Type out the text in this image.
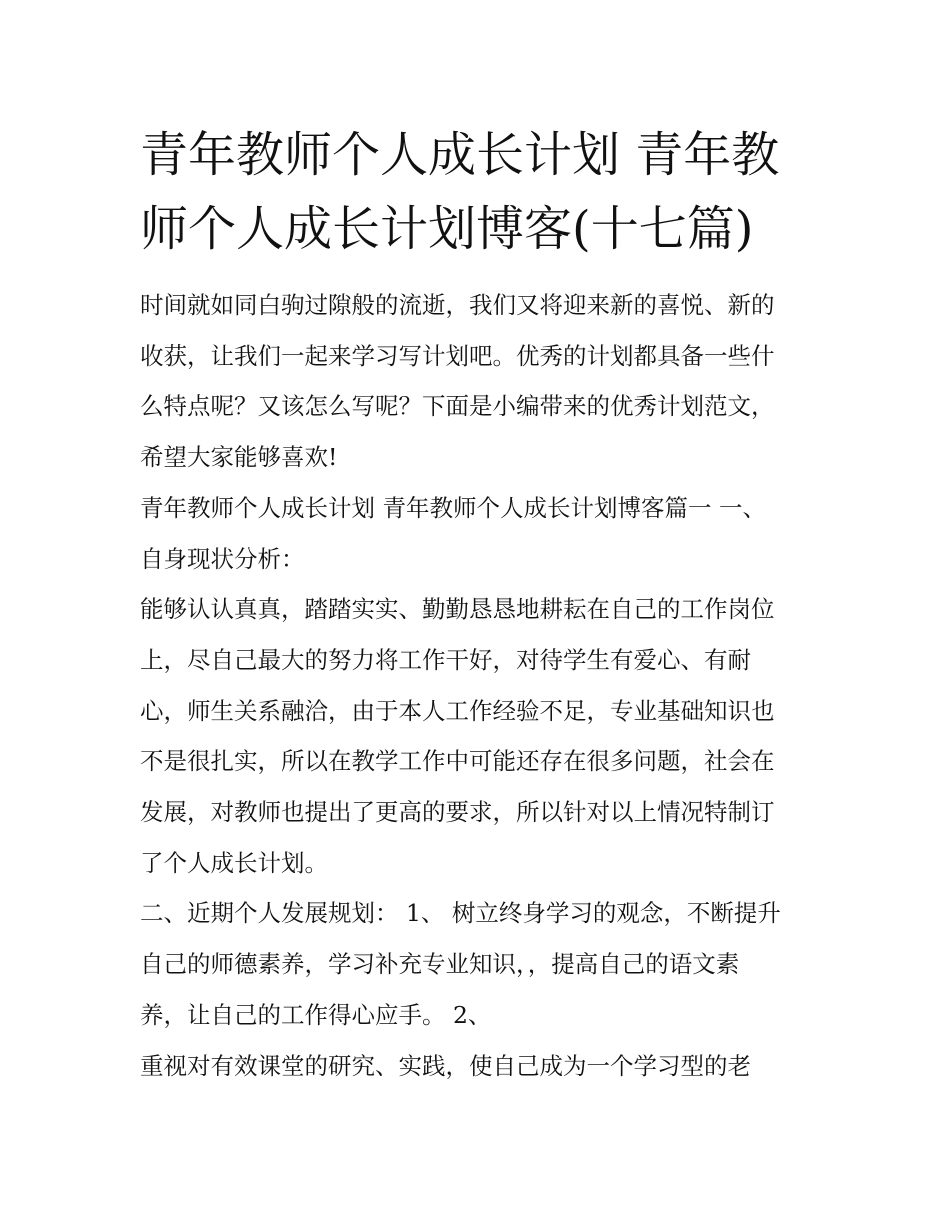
青年教师个人成长计划 青年教
师个人成长计划博客(十七篇)
时间就如同白驹过隙般的流逝，我们又将迎来新的喜悦、新的
收获，让我们一起来学习写计划吧。优秀的计划都具备一些什
么特点呢？又该怎么写呢？下面是小编带来的优秀计划范文，
希望大家能够喜欢!
青年教师个人成长计划 青年教师个人成长计划博客篇一 一、
自身现状分析：
能够认认真真，踏踏实实、勤勤恳恳地耕耘在自己的工作岗位
上，尽自己最大的努力将工作干好，对待学生有爱心、有耐
心，师生关系融洽，由于本人工作经验不足，专业基础知识也
不是很扎实，所以在教学工作中可能还存在很多问题，社会在
发展，对教师也提出了更高的要求，所以针对以上情况特制订
了个人成长计划。
二、近期个人发展规划： 1、 树立终身学习的观念，不断提升
自己的师德素养，学习补充专业知识，，提高自己的语文素
养，让自己的工作得心应手。 2、
重视对有效课堂的研究、实践，使自己成为一个学习型的老
